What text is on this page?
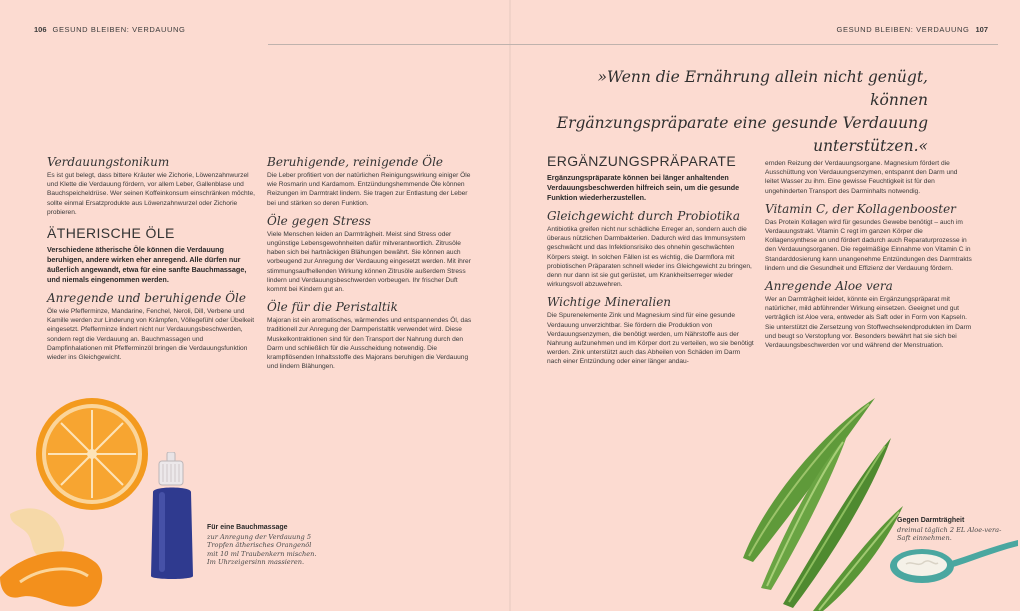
106 GESUND BLEIBEN: VERDAUUNG	GESUND BLEIBEN: VERDAUUNG 107
»Wenn die Ernährung allein nicht genügt, können
Ergänzungspräparate eine gesunde Verdauung unterstützen.«
Verdauungstonikum

Es ist gut belegt, dass bittere Kräuter wie Zichorie, Löwenzahnwurzel und Klette die Verdauung fördern, vor allem Leber, Gallenblase und Bauchspeicheldrüse. Wer seinen Koffeinkonsum einschränken möchte, sollte einmal Ersatzprodukte aus Löwenzahnwurzel oder Zichorie probieren.

ÄTHERISCHE ÖLE

Verschiedene ätherische Öle können die Verdauung beruhigen, andere wirken eher anregend. Alle dürfen nur äußerlich angewandt, etwa für eine sanfte Bauchmassage, und niemals eingenommen werden.

Anregende und beruhigende Öle

Öle wie Pfefferminze, Mandarine, Fenchel, Neroli, Dill, Verbene und Kamille werden zur Linderung von Krämpfen, Völlegefühl oder Übelkeit eingesetzt. Pfefferminze lindert nicht nur Verdauungsbeschwerden, sondern regt die Verdauung an. Bauchmassagen und Dampfinhalationen mit Pfefferminzöl bringen die Verdauungsfunktion wieder ins Gleichgewicht.

Beruhigende, reinigende Öle

Die Leber profitiert von der natürlichen Reinigungswirkung einiger Öle wie Rosmarin und Kardamom. Entzündungshemmende Öle können Reizungen im Darmtrakt lindern. Sie tragen zur Entlastung der Leber bei und stärken so deren Funktion.

Öle gegen Stress

Viele Menschen leiden an Darmträgheit. Meist sind Stress oder ungünstige Lebensgewohnheiten dafür mitverantwortlich. Zitrusöle haben sich bei hartnäckigen Blähungen bewährt. Sie können auch vorbeugend zur Anregung der Verdauung eingesetzt werden. Mit ihrer stimmungsaufhellenden Wirkung können Zitrusöle außerdem Stress lindern und Verdauungsbeschwerden vorbeugen. Ihr frischer Duft kommt bei Kindern gut an.

Öle für die Peristaltik

Majoran ist ein aromatisches, wärmendes und entspannendes Öl, das traditionell zur Anregung der Darmperistaltik verwendet wird. Diese Muskelkontraktionen sind für den Transport der Nahrung durch den Darm und schließlich für die Ausscheidung notwendig. Die krampflösenden Inhaltsstoffe des Majorans beruhigen die Verdauung und lindern Blähungen.

ERGÄNZUNGSPRÄPARATE

Ergänzungspräparate können bei länger anhaltenden Verdauungsbeschwerden hilfreich sein, um die gesunde Funktion wiederherzustellen.

Gleichgewicht durch Probiotika

Antibiotika greifen nicht nur schädliche Erreger an, sondern auch die überaus nützlichen Darmbakterien. Dadurch wird das Immunsystem geschwächt und das Infektionsrisiko des ohnehin geschwächten Körpers steigt. In solchen Fällen ist es wichtig, die Darmflora mit probiotischen Präparaten schnell wieder ins Gleichgewicht zu bringen, denn nur dann ist sie gut gerüstet, um Krankheitserreger wieder wirkungsvoll abzuwehren.

Wichtige Mineralien

Die Spurenelemente Zink und Magnesium sind für eine gesunde Verdauung unverzichtbar. Sie fördern die Produktion von Verdauungsenzymen, die benötigt werden, um Nährstoffe aus der Nahrung aufzunehmen und im Körper dort zu verteilen, wo sie benötigt werden. Zink unterstützt auch das Abheilen von Schäden im Darm nach einer Entzündung oder einer länger andau-

ernden Reizung der Verdauungsorgane. Magnesium fördert die Ausschüttung von Verdauungsenzymen, entspannt den Darm und leitet Wasser zu ihm. Eine gewisse Feuchtigkeit ist für den ungehinderten Transport des Darminhalts notwendig.

Vitamin C, der Kollagenbooster

Das Protein Kollagen wird für gesundes Gewebe benötigt – auch im Verdauungstrakt. Vitamin C regt im ganzen Körper die Kollagensynthese an und fördert dadurch auch Reparaturprozesse in den Verdauungsorganen. Die regelmäßige Einnahme von Vitamin C in Standarddosierung kann unangenehme Entzündungen des Darmtrakts lindern und die Gesundheit und Effizienz der Verdauung fördern.

Anregende Aloe vera

Wer an Darmträgheit leidet, könnte ein Ergänzungspräparat mit natürlicher, mild abführender Wirkung einsetzen. Geeignet und gut verträglich ist Aloe vera, entweder als Saft oder in Form von Kapseln. Sie unterstützt die Zersetzung von Stoffwechselendprodukten im Darm und beugt so Verstopfung vor. Besonders bewährt hat sie sich bei Verdauungsbeschwerden vor und während der Menstruation.

Für eine Bauchmassage
zur Anregung der Verdauung 5 Tropfen ätherisches Orangenöl mit 10 ml Traubenkern mischen. Im Uhrzeigersinn massieren.
Gegen Darmträgheit
dreimal täglich 2 EL Aloe-vera-Saft einnehmen.
